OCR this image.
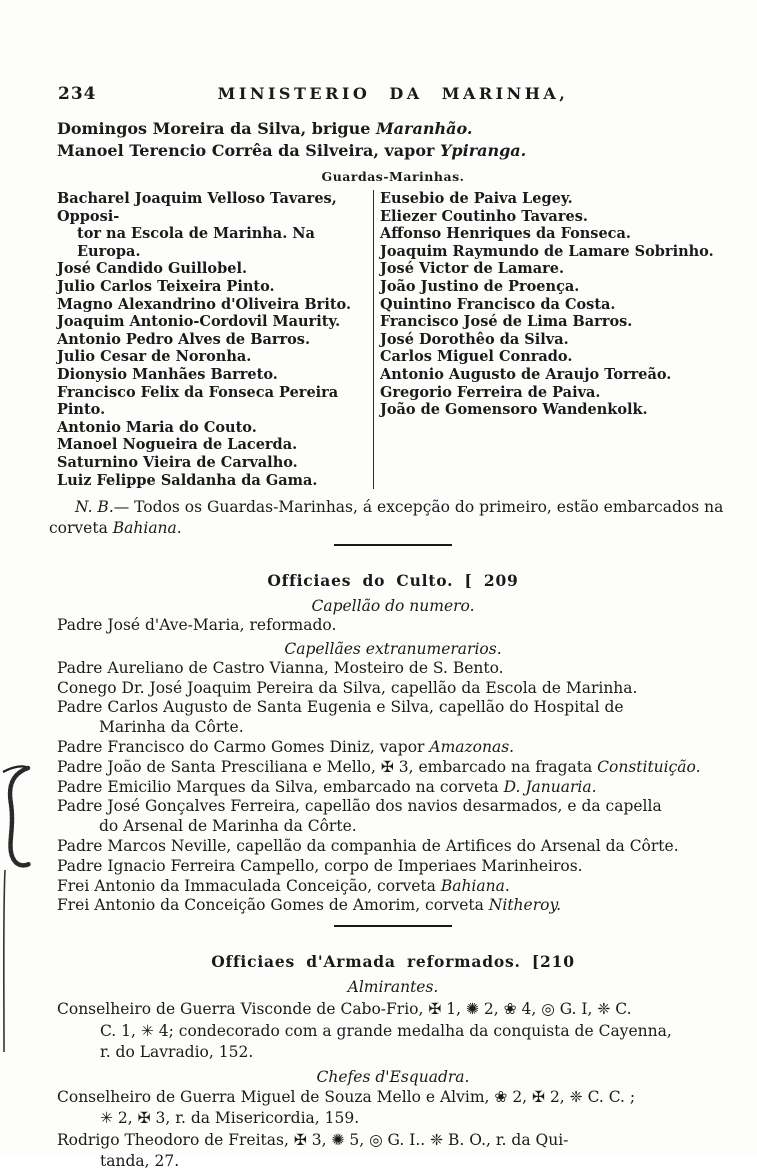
234	MINISTERIO DA MARINHA,
Domingos Moreira da Silva, brigue Maranhão.
Manoel Terencio Corrêa da Silveira, vapor Ypiranga.
Guardas-Marinhas.
Bacharel Joaquim Velloso Tavares, Opposi-
tor na Escola de Marinha. Na Europa.
José Candido Guillobel.
Julio Carlos Teixeira Pinto.
Magno Alexandrino d'Oliveira Brito.
Joaquim Antonio-Cordovil Maurity.
Antonio Pedro Alves de Barros.
Julio Cesar de Noronha.
Dionysio Manhães Barreto.
Francisco Felix da Fonseca Pereira Pinto.
Antonio Maria do Couto.
Manoel Nogueira de Lacerda.
Saturnino Vieira de Carvalho.
Luiz Felippe Saldanha da Gama.
Eusebio de Paiva Legey.
Eliezer Coutinho Tavares.
Affonso Henriques da Fonseca.
Joaquim Raymundo de Lamare Sobrinho.
José Victor de Lamare.
João Justino de Proença.
Quintino Francisco da Costa.
Francisco José de Lima Barros.
José Dorothêo da Silva.
Carlos Miguel Conrado.
Antonio Augusto de Araujo Torreão.
Gregorio Ferreira de Paiva.
João de Gomensoro Wandenkolk.
N. B.— Todos os Guardas-Marinhas, á excepção do primeiro, estão embarcados na corveta Bahiana.
Officiaes do Culto. [ 209
Capellão do numero.
Padre José d'Ave-Maria, reformado.
Capellães extranumerarios.
Padre Aureliano de Castro Vianna, Mosteiro de S. Bento.
Conego Dr. José Joaquim Pereira da Silva, capellão da Escola de Marinha.
Padre Carlos Augusto de Santa Eugenia e Silva, capellão do Hospital de
Marinha da Côrte.
Padre Francisco do Carmo Gomes Diniz, vapor Amazonas.
Padre João de Santa Presciliana e Mello, ✠ 3, embarcado na fragata Constituição.
Padre Emicilio Marques da Silva, embarcado na corveta D. Januaria.
Padre José Gonçalves Ferreira, capellão dos navios desarmados, e da capella
do Arsenal de Marinha da Côrte.
Padre Marcos Neville, capellão da companhia de Artifices do Arsenal da Côrte.
Padre Ignacio Ferreira Campello, corpo de Imperiaes Marinheiros.
Frei Antonio da Immaculada Conceição, corveta Bahiana.
Frei Antonio da Conceição Gomes de Amorim, corveta Nitheroy.
Officiaes d'Armada reformados. [210
Almirantes.
Conselheiro de Guerra Visconde de Cabo-Frio, ✠ 1, ✺ 2, ❀ 4, ◎ G. I, ❈ C.
C. 1, ✳ 4; condecorado com a grande medalha da conquista de Cayenna,
r. do Lavradio, 152.
Chefes d'Esquadra.
Conselheiro de Guerra Miguel de Souza Mello e Alvim, ❀ 2, ✠ 2, ❈ C. C. ;
✳ 2, ✠ 3, r. da Misericordia, 159.
Rodrigo Theodoro de Freitas, ✠ 3, ✺ 5, ◎ G. I.. ❈ B. O., r. da Qui-
tanda, 27.
